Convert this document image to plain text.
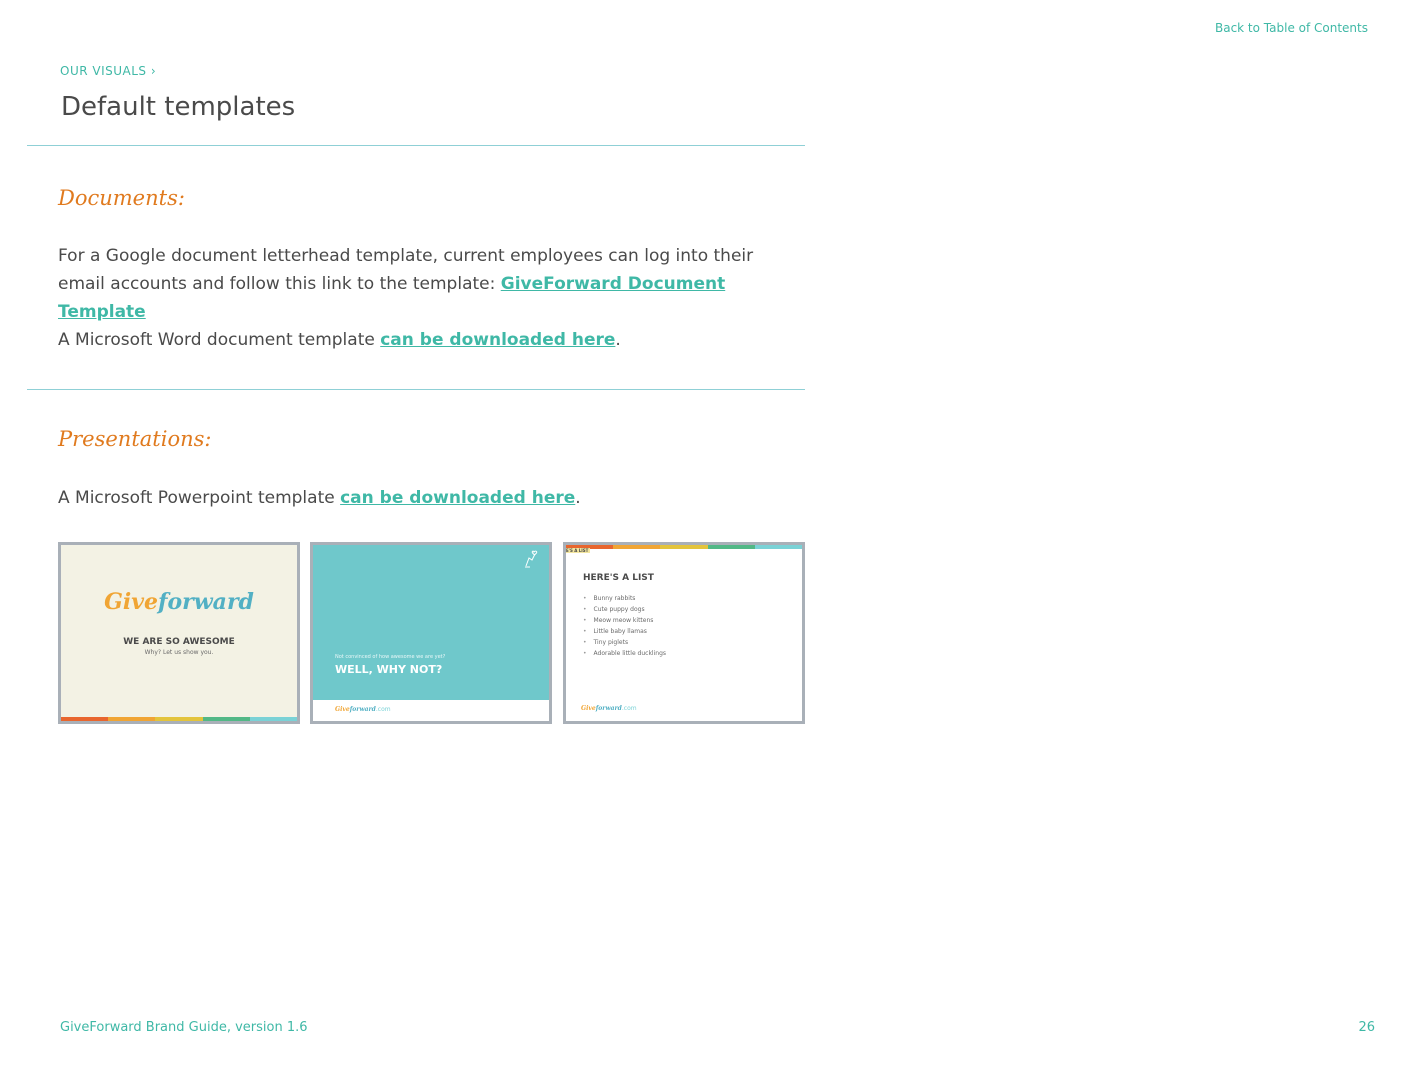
Back to Table of Contents
OUR VISUALS ›
Default templates
Documents:

For a Google document letterhead template, current employees can log into their email accounts and follow this link to the template: GiveForward Document Template

A Microsoft Word document template can be downloaded here.

Presentations:

A Microsoft Powerpoint template can be downloaded here.

Giveforward
WE ARE SO AWESOME
Why? Let us show you.
Not convinced of how awesome we are yet?
WELL, WHY NOT?
Giveforward.com
E'S A LIST
HERE'S A LIST
• Bunny rabbits
• Cute puppy dogs
• Meow meow kittens
• Little baby llamas
• Tiny piglets
• Adorable little ducklings
Giveforward.com
GiveForward Brand Guide, version 1.6	26
